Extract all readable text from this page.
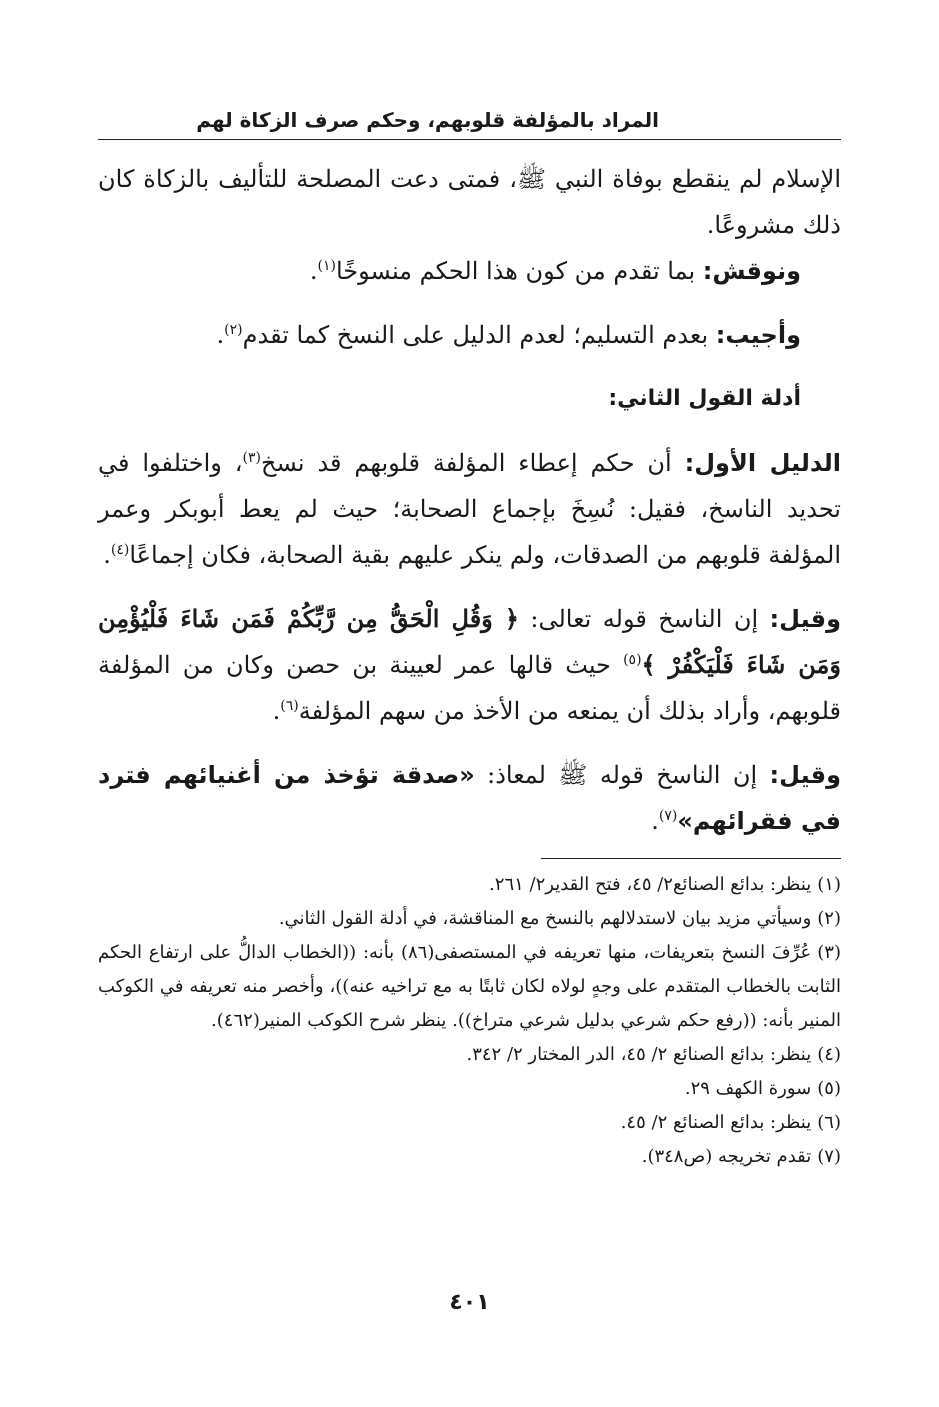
المراد بالمؤلفة قلوبهم، وحكم صرف الزكاة لهم

الإسلام لم ينقطع بوفاة النبي ﷺ، فمتى دعت المصلحة للتأليف بالزكاة كان ذلك مشروعًا.

ونوقش: بما تقدم من كون هذا الحكم منسوخًا$^{(١)}$.

وأجيب: بعدم التسليم؛ لعدم الدليل على النسخ كما تقدم$^{(٢)}$.

أدلة القول الثاني:

الدليل الأول: أن حكم إعطاء المؤلفة قلوبهم قد نسخ$^{(٣)}$، واختلفوا في تحديد الناسخ، فقيل: نُسِخَ بإجماع الصحابة؛ حيث لم يعط أبوبكر وعمر المؤلفة قلوبهم من الصدقات، ولم ينكر عليهم بقية الصحابة، فكان إجماعًا$^{(٤)}$.

وقيل: إن الناسخ قوله تعالى: ﴿ وَقُلِ الْحَقُّ مِن رَّبِّكُمْ فَمَن شَاءَ فَلْيُؤْمِن وَمَن شَاءَ فَلْيَكْفُرْ ﴾$^{(٥)}$ حيث قالها عمر لعيينة بن حصن وكان من المؤلفة قلوبهم، وأراد بذلك أن يمنعه من الأخذ من سهم المؤلفة$^{(٦)}$.

وقيل: إن الناسخ قوله ﷺ لمعاذ: «صدقة تؤخذ من أغنيائهم فترد في فقرائهم»$^{(٧)}$.

(١)ينظر: بدائع الصنائع٢/ ٤٥، فتح القدير٢/ ٢٦١.

(٢)وسيأتي مزيد بيان لاستدلالهم بالنسخ مع المناقشة، في أدلة القول الثاني.

(٣)عُرِّفَ النسخ بتعريفات، منها تعريفه في المستصفى(٨٦) بأنه: ((الخطاب الدالُّ على ارتفاع الحكم الثابت بالخطاب المتقدم على وجهٍ لولاه لكان ثابتًا به مع تراخيه عنه))، وأخصر منه تعريفه في الكوكب المنير بأنه: ((رفع حكم شرعي بدليل شرعي متراخ)). ينظر شرح الكوكب المنير(٤٦٢).

(٤)ينظر: بدائع الصنائع ٢/ ٤٥، الدر المختار ٢/ ٣٤٢.

(٥)سورة الكهف ٢٩.

(٦)ينظر: بدائع الصنائع ٢/ ٤٥.

(٧)تقدم تخريجه (ص٣٤٨).

٤٠١
